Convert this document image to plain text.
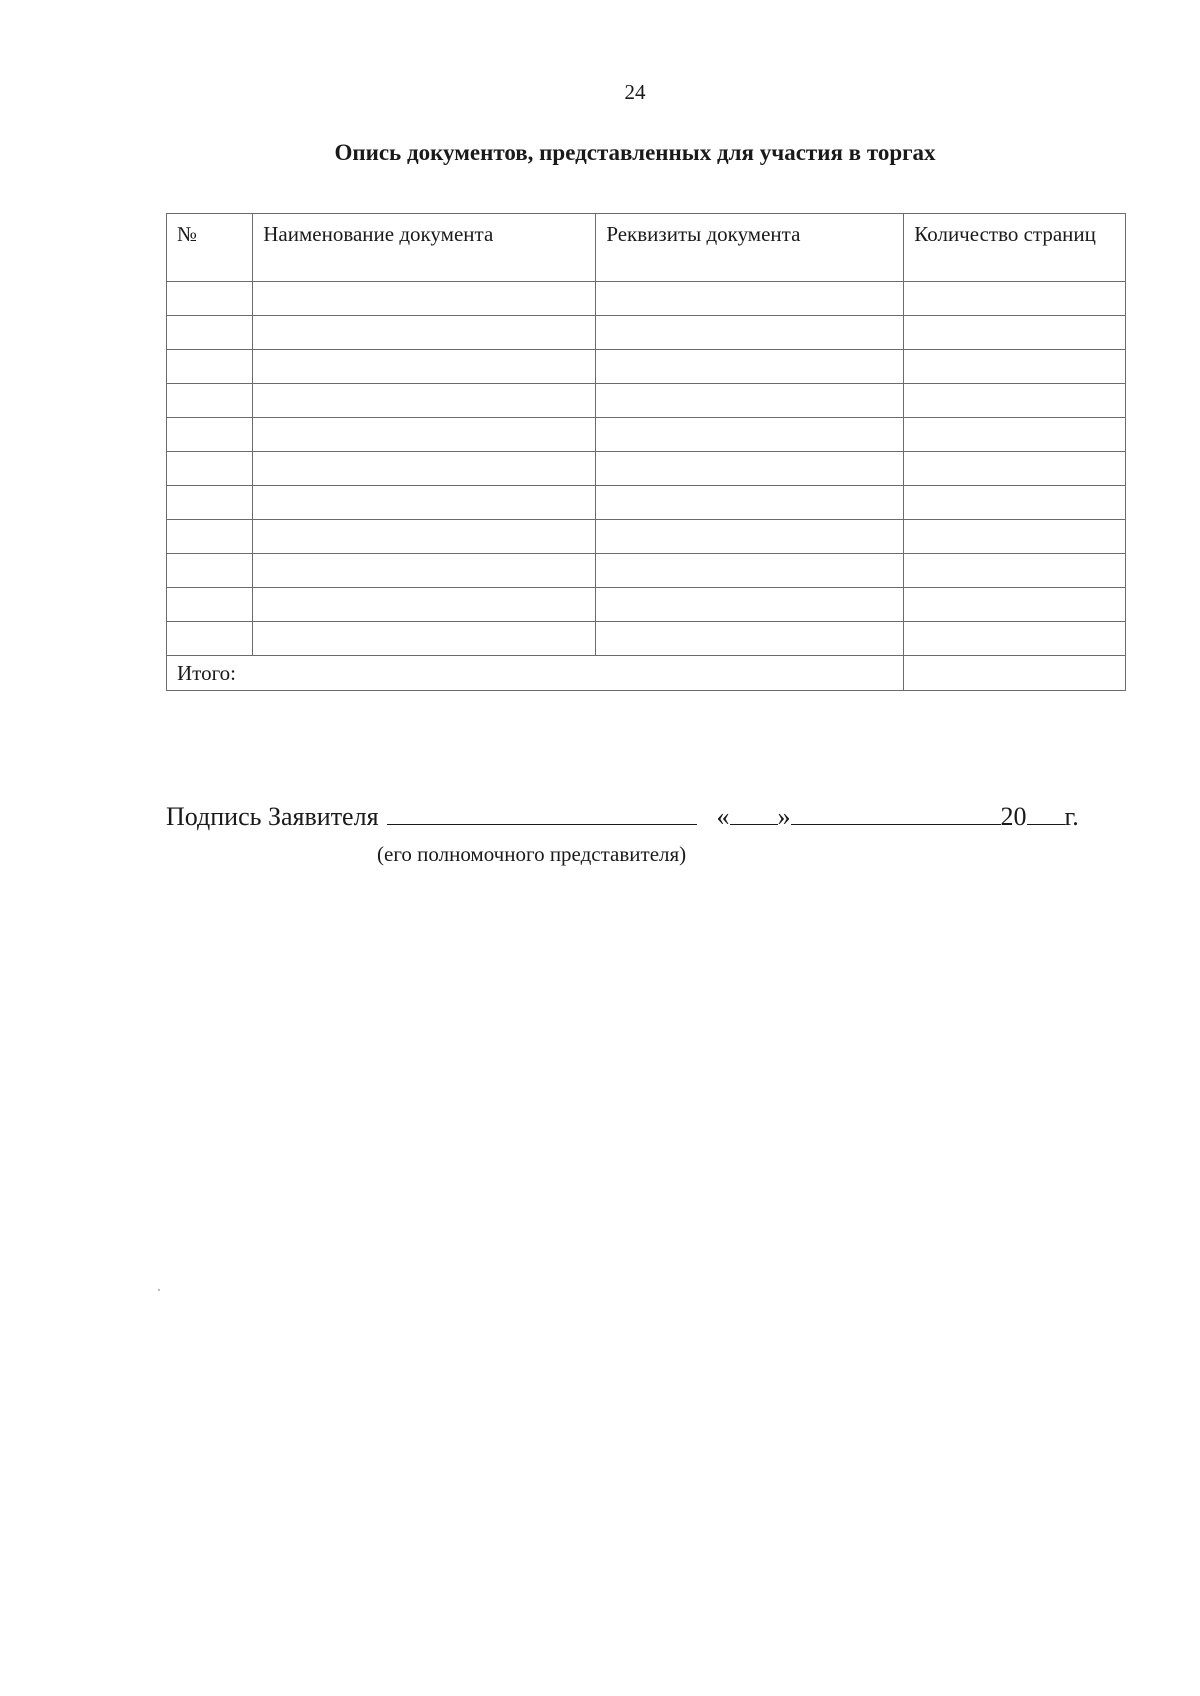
24
Опись документов, представленных для участия в торгах
№	Наименование документа	Реквизиты документа	Количество страниц

Итого:			
Подпись Заявителя	« »	20 г.
(его полномочного представителя)
